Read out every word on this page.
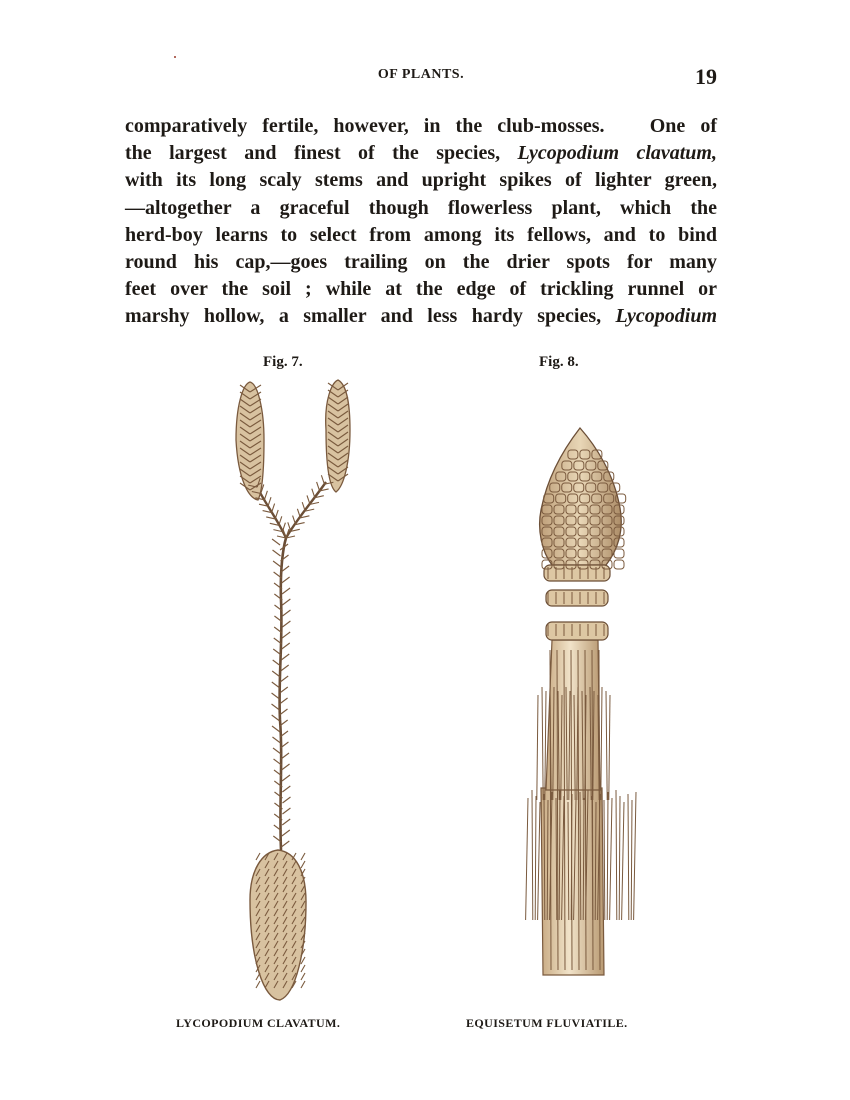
OF PLANTS.	19
comparatively fertile, however, in the club-mosses.   One of
the largest and finest of the species, Lycopodium clavatum,
with its long scaly stems and upright spikes of lighter green,
—altogether a graceful though flowerless plant, which the
herd-boy learns to select from among its fellows, and to bind
round his cap,—goes trailing on the drier spots for many
feet over the soil ; while at the edge of trickling runnel or
marshy hollow, a smaller and less hardy species, Lycopodium
Fig. 7.	Fig. 8.
LYCOPODIUM CLAVATUM.	EQUISETUM FLUVIATILE.
